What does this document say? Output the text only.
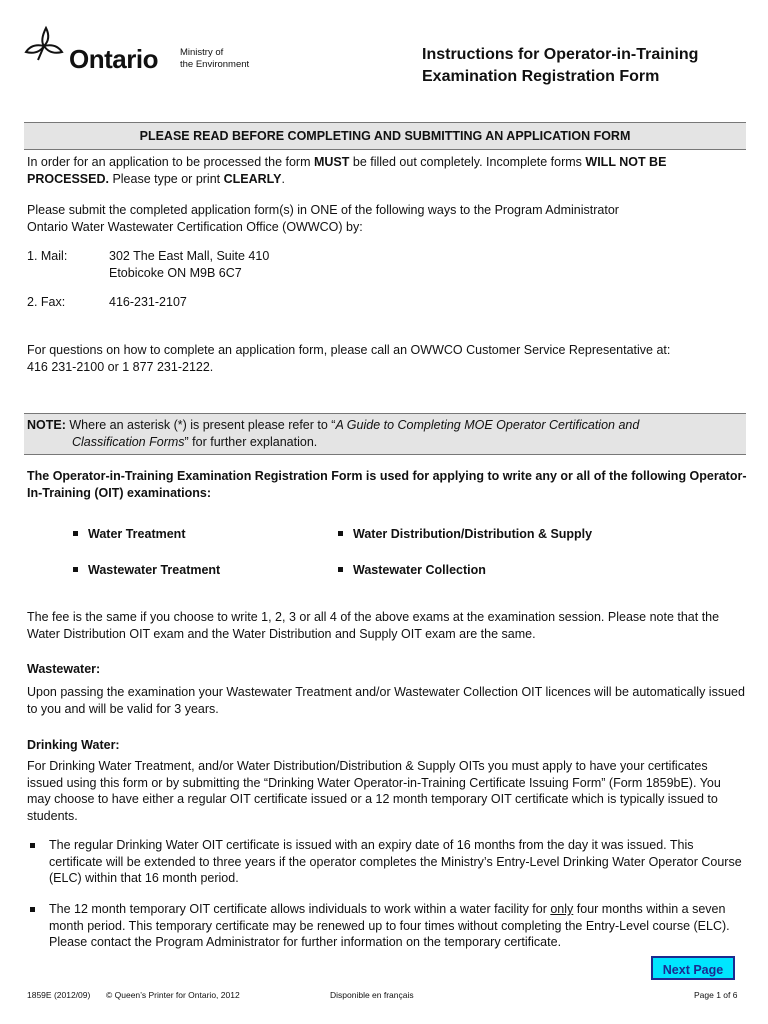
Ontario Ministry of
the Environment
Instructions for Operator-in-Training
Examination Registration Form
PLEASE READ BEFORE COMPLETING AND SUBMITTING AN APPLICATION FORM
In order for an application to be processed the form MUST be filled out completely. Incomplete forms WILL NOT BE PROCESSED. Please type or print CLEARLY.
Please submit the completed application form(s) in ONE of the following ways to the Program Administrator
Ontario Water Wastewater Certification Office (OWWCO) by:
1. Mail:	302 The East Mall, Suite 410
Etobicoke ON M9B 6C7
2. Fax:	416-231-2107
For questions on how to complete an application form, please call an OWWCO Customer Service Representative at:
416 231-2100 or 1 877 231-2122.
NOTE: Where an asterisk (*) is present please refer to “A Guide to Completing MOE Operator Certification and
Classification Forms” for further explanation.
The Operator-in-Training Examination Registration Form is used for applying to write any or all of the following Operator-In-Training (OIT) examinations:
Water Treatment	Water Distribution/Distribution & Supply
Wastewater Treatment	Wastewater Collection
The fee is the same if you choose to write 1, 2, 3 or all 4 of the above exams at the examination session. Please note that the Water Distribution OIT exam and the Water Distribution and Supply OIT exam are the same.
Wastewater:
Upon passing the examination your Wastewater Treatment and/or Wastewater Collection OIT licences will be automatically issued to you and will be valid for 3 years.
Drinking Water:
For Drinking Water Treatment, and/or Water Distribution/Distribution & Supply OITs you must apply to have your certificates issued using this form or by submitting the “Drinking Water Operator-in-Training Certificate Issuing Form” (Form 1859bE). You may choose to have either a regular OIT certificate issued or a 12 month temporary OIT certificate which is typically issued to students.
The regular Drinking Water OIT certificate is issued with an expiry date of 16 months from the day it was issued. This certificate will be extended to three years if the operator completes the Ministry’s Entry-Level Drinking Water Operator Course (ELC) within that 16 month period.
The 12 month temporary OIT certificate allows individuals to work within a water facility for only four months within a seven month period. This temporary certificate may be renewed up to four times without completing the Entry-Level course (ELC). Please contact the Program Administrator for further information on the temporary certificate.
Next Page
1859E (2012/09) © Queen’s Printer for Ontario, 2012	Disponible en français	Page 1 of 6
